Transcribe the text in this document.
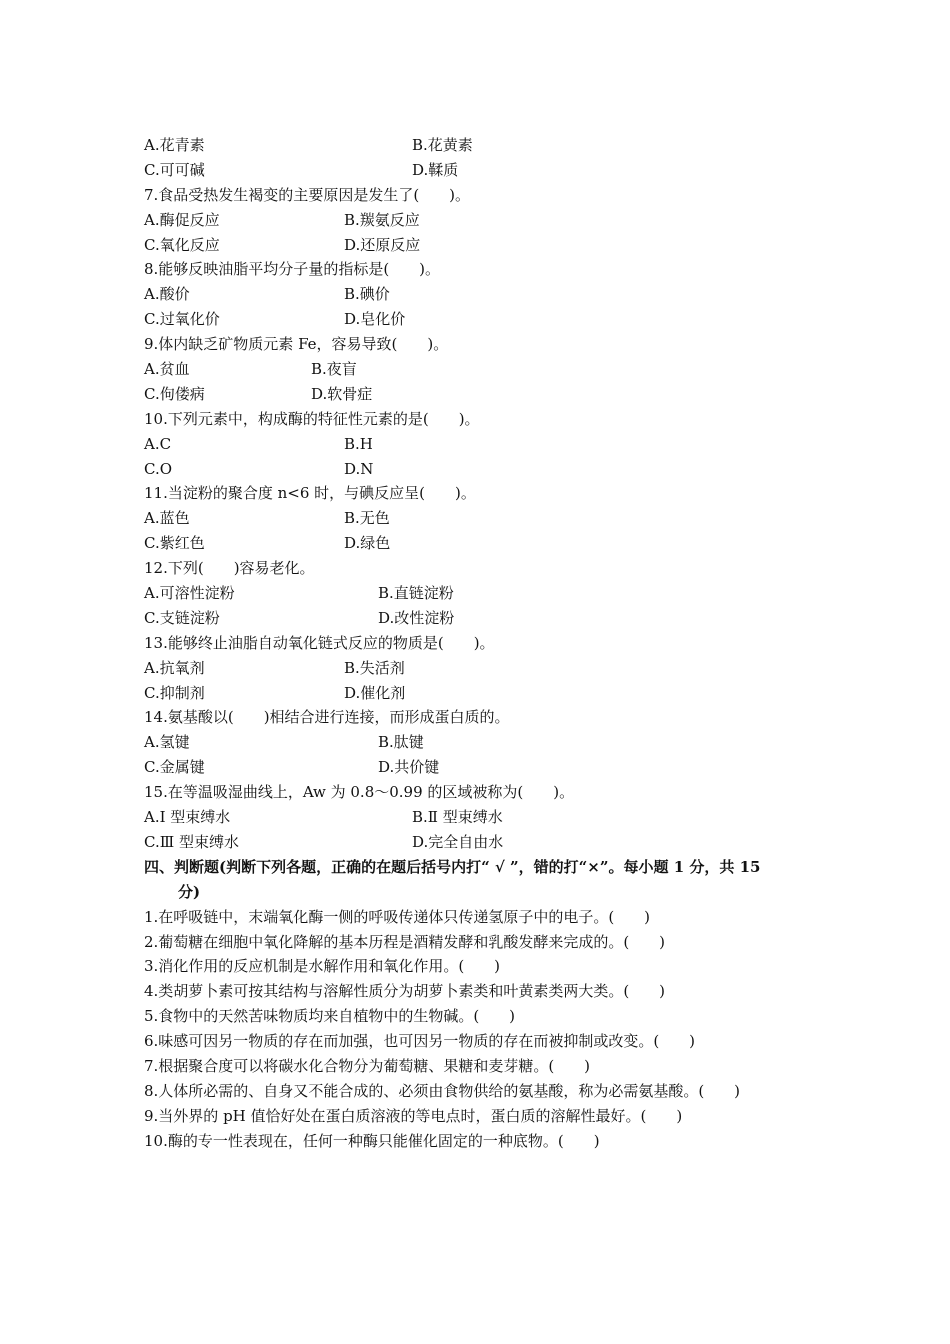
A.花青素	B.花黄素
C.可可碱	D.鞣质
7.食品受热发生褐变的主要原因是发生了(　　)。
A.酶促反应	B.羰氨反应
C.氧化反应	D.还原反应
8.能够反映油脂平均分子量的指标是(　　)。
A.酸价	B.碘价
C.过氧化价	D.皂化价
9.体内缺乏矿物质元素 Fe，容易导致(　　)。
A.贫血	B.夜盲
C.佝偻病	D.软骨症
10.下列元素中，构成酶的特征性元素的是(　　)。
A.C	B.H
C.O	D.N
11.当淀粉的聚合度 n<6 时，与碘反应呈(　　)。
A.蓝色	B.无色
C.紫红色	D.绿色
12.下列(　　)容易老化。
A.可溶性淀粉	B.直链淀粉
C.支链淀粉	D.改性淀粉
13.能够终止油脂自动氧化链式反应的物质是(　　)。
A.抗氧剂	B.失活剂
C.抑制剂	D.催化剂
14.氨基酸以(　　)相结合进行连接，而形成蛋白质的。
A.氢键	B.肽键
C.金属键	D.共价键
15.在等温吸湿曲线上，Aw 为 0.8～0.99 的区域被称为(　　)。
A.Ⅰ 型束缚水	B.Ⅱ 型束缚水
C.Ⅲ 型束缚水	D.完全自由水
四、判断题(判断下列各题，正确的在题后括号内打“ √ ”，错的打“×”。每小题 1 分，共 15
分)
1.在呼吸链中，末端氧化酶一侧的呼吸传递体只传递氢原子中的电子。(　　)
2.葡萄糖在细胞中氧化降解的基本历程是酒精发酵和乳酸发酵来完成的。(　　)
3.消化作用的反应机制是水解作用和氧化作用。(　　)
4.类胡萝卜素可按其结构与溶解性质分为胡萝卜素类和叶黄素类两大类。(　　)
5.食物中的天然苦味物质均来自植物中的生物碱。(　　)
6.味感可因另一物质的存在而加强，也可因另一物质的存在而被抑制或改变。(　　)
7.根据聚合度可以将碳水化合物分为葡萄糖、果糖和麦芽糖。(　　)
8.人体所必需的、自身又不能合成的、必须由食物供给的氨基酸，称为必需氨基酸。(　　)
9.当外界的 pH 值恰好处在蛋白质溶液的等电点时，蛋白质的溶解性最好。(　　)
10.酶的专一性表现在，任何一种酶只能催化固定的一种底物。(　　)
